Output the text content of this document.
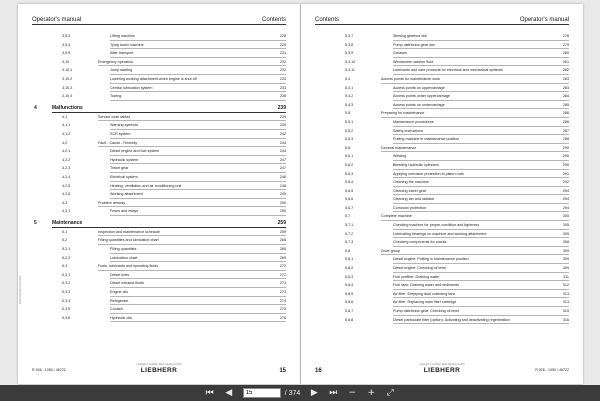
Operator's manual	Contents
3,5,3	Lifting machine	228
3,5,4	Tying down machine	229
3,5,5	After transport	231
3,10	Emergency operation	232
3,10,1	Jump starting	232
3,10,2	Lowering working attachment when engine is shut off	233
3,10,3	Central lubrication system	233
3,10,4	Towing	236
4	Malfunctions	239
4,1	Service code tables	239
4,1,1	Warning symbols	239
4,1,2	SCR system	242
4,2	Fault - Cause - Remedy	244
4,2,1	Diesel engine and fuel system	244
4,2,2	Hydraulic system	247
4,2,3	Travel gear	247
4,2,4	Electrical system	248
4,2,5	Heating, ventilation and air conditioning unit	248
4,2,6	Working attachment	249
4,3	Problem remedy	250
4,3,1	Fuses and relays	250
5	Maintenance	259
5,1	Inspection and maintenance schedule	259
5,2	Filling quantities and lubrication chart	265
5,2,1	Filling quantities	265
5,2,2	Lubrication chart	269
5,3	Fuels, lubricants and operating fluids	272
5,3,1	Diesel fuels	272
5,3,2	Diesel exhaust fluids	273
5,3,3	Engine oils	273
5,3,4	Refrigerant	274
5,3,5	Coolant	275
5,3,6	Hydraulic oils	276
RTEC000-000-000-0000
R 926 - 1050 / 46722
copyright © Liebherr-Werk Nenzing GmbH
LIEBHERR	15
Contents	Operator's manual
5,3,7	Slewing gearbox oils	278
5,3,8	Pump distributor gear oils	279
5,3,9	Greases	280
5,3,10	Windscreen washer fluid	281
5,3,11	Lubricants and care products for electrical and mechanical systems	282
5,4	Access points for maintenance work	283
5,4,1	Access points on uppercarriage	283
5,4,2	Access points under uppercarriage	284
5,4,3	Access points on undercarriage	285
5,5	Preparing for maintenance	286
5,5,1	Maintenance procedures	286
5,5,2	Safety instructions	287
5,5,3	Putting machine in maintenance position	288
5,6	General maintenance	290
5,6,1	Welding	290
5,6,2	Bleeding hydraulic cylinders	290
5,6,3	Applying corrosion protection to piston rods	291
5,6,4	Cleaning the machine	292
5,6,5	Cleaning travel gear	294
5,6,6	Cleaning fan and radiator	294
5,6,7	Corrosion protection	294
5,7	Complete machine	305
5,7,1	Checking machine for proper condition and tightness	305
5,7,2	Lubricating bearings on machine and working attachment	305
5,7,3	Checking components for cracks	308
5,8	Drive group	309
5,8,1	Diesel engine: Putting in maintenance position	309
5,8,2	Diesel engine: Checking oil level	309
5,8,3	Fuel prefilter: Draining water	311
5,8,4	Fuel tank: Draining water and sediments	312
5,8,5	Air filter: Emptying dust collecting tank	313
5,8,6	Air filter: Replacing main filter cartridge	313
5,8,7	Pump distributor gear: Checking oil level	315
5,8,8	Diesel particulate filter (option): Activating and deactivating regeneration	316
16
copyright © Liebherr-Werk Nenzing GmbH
LIEBHERR	R 926 - 1050 / 46722
⏮ ◀
15	/ 374 ▶ ⏭ − + ⤢
